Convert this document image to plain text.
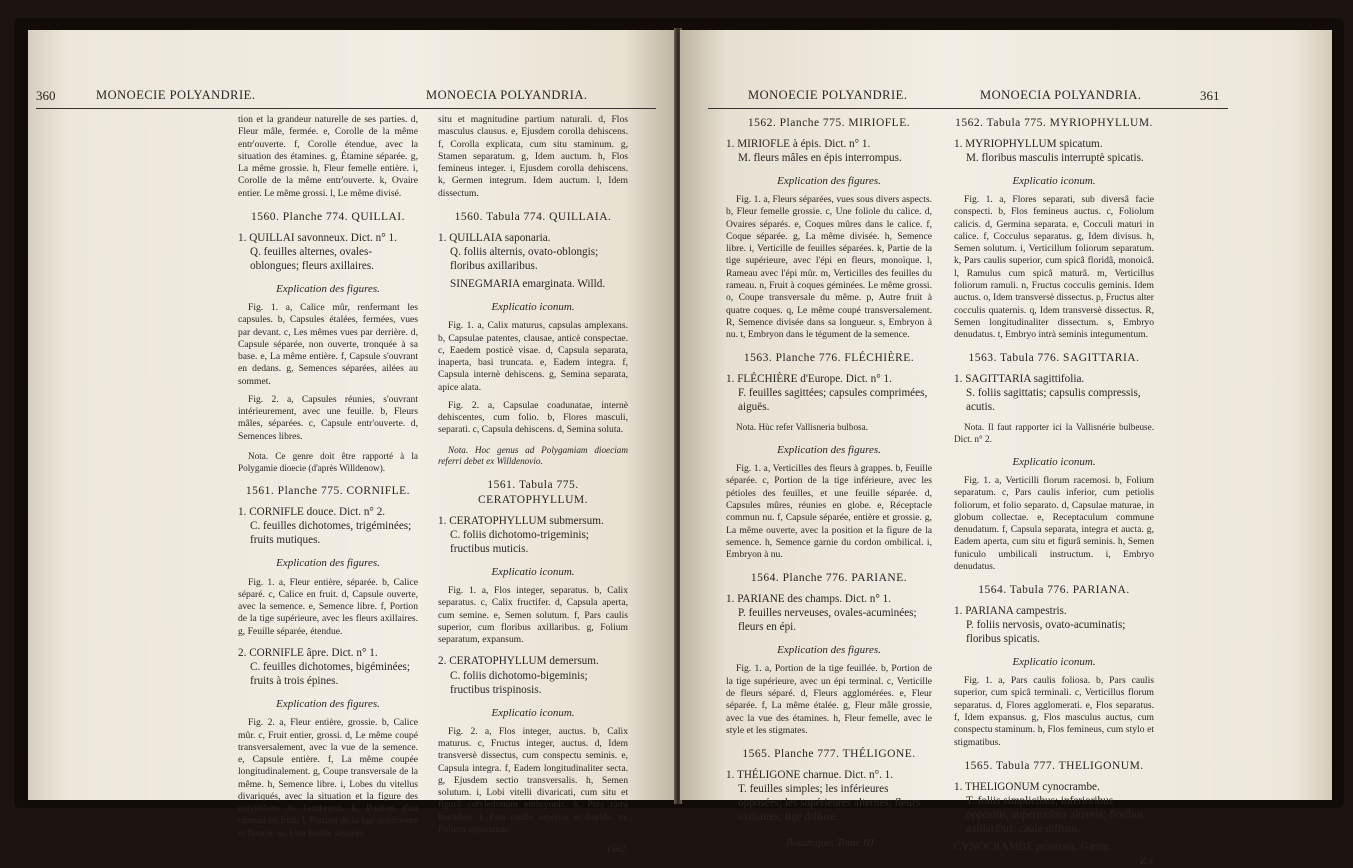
360	MONOECIE POLYANDRIE.	MONOECIA POLYANDRIA.

tion et la grandeur naturelle de ses parties. d, Fleur mâle, fermée. e, Corolle de la même entr'ouverte. f, Corolle étendue, avec la situation des étamines. g, Étamine séparée. g, La même grossie. h, Fleur femelle entière. i, Corolle de la même entr'ouverte. k, Ovaire entier. Le même grossi. l, Le même divisé.

1560. Planche 774. QUILLAI.
1. QUILLAI savonneux. Dict. n° 1.
Q. feuilles alternes, ovales-oblongues; fleurs axillaires.
Explication des figures.

Fig. 1. a, Calice mûr, renfermant les capsules. b, Capsules étalées, fermées, vues par devant. c, Les mêmes vues par derrière. d, Capsule séparée, non ouverte, tronquée à sa base. e, La même entière. f, Capsule s'ouvrant en dedans. g, Semences séparées, ailées au sommet.

Fig. 2. a, Capsules réunies, s'ouvrant intérieurement, avec une feuille. b, Fleurs mâles, séparées. c, Capsule entr'ouverte. d, Semences libres.

Nota. Ce genre doit être rapporté à la Polygamie dioecie (d'après Willdenow).

1561. Planche 775. CORNIFLE.
1. CORNIFLE douce. Dict. n° 2.
C. feuilles dichotomes, trigéminées; fruits mutiques.
Explication des figures.

Fig. 1. a, Fleur entière, séparée. b, Calice séparé. c, Calice en fruit. d, Capsule ouverte, avec la semence. e, Semence libre. f, Portion de la tige supérieure, avec les fleurs axillaires. g, Feuille séparée, étendue.

2. CORNIFLE âpre. Dict. n° 1.
C. feuilles dichotomes, bigéminées; fruits à trois épines.
Explication des figures.

Fig. 2. a, Fleur entière, grossie. b, Calice mûr. c, Fruit entier, grossi. d, Le même coupé transversalement, avec la vue de la semence. e, Capsule entière. f, La même coupée longitudinalement. g, Coupe transversale de la même. h, Semence libre. i, Lobes du vitellus divariqués, avec la situation et la figure des cotylédons de l'embryon. k, Portion d'un rameau en fruit. l, Portion de la tige supérieure et fleurie. m, Une feuille séparée.

situ et magnitudine partium naturali. d, Flos masculus clausus. e, Ejusdem corolla dehiscens. f, Corolla explicata, cum situ staminum. g, Stamen separatum. g, Idem auctum. h, Flos femineus integer. i, Ejusdem corolla dehiscens. k, Germen integrum. Idem auctum. l, Idem dissectum.

1560. Tabula 774. QUILLAIA.
1. QUILLAIA saponaria.
Q. foliis alternis, ovato-oblongis; floribus axillaribus.
SINEGMARIA emarginata. Willd.
Explicatio iconum.

Fig. 1. a, Calix maturus, capsulas amplexans. b, Capsulae patentes, clausae, anticè conspectae. c, Eaedem posticè visae. d, Capsula separata, inaperta, basi truncata. e, Eadem integra. f, Capsula internè dehiscens. g, Semina separata, apice alata.

Fig. 2. a, Capsulae coadunatae, internè dehiscentes, cum folio. b, Flores masculi, separati. c, Capsula dehiscens. d, Semina soluta.

Nota. Hoc genus ad Polygamiam dioeciam referri debet ex Willdenovio.

1561. Tabula 775. CERATOPHYLLUM.
1. CERATOPHYLLUM submersum.
C. foliis dichotomo-trigeminis; fructibus muticis.
Explicatio iconum.

Fig. 1. a, Flos integer, separatus. b, Calix separatus. c, Calix fructifer. d, Capsula aperta, cum semine. e, Semen solutum. f, Pars caulis superior, cum floribus axillaribus. g, Folium separatum, expansum.

2. CERATOPHYLLUM demersum.
C. foliis dichotomo-bigeminis; fructibus trispinosis.
Explicatio iconum.

Fig. 2. a, Flos integer, auctus. b, Calix maturus. c, Fructus integer, auctus. d, Idem transversè dissectus, cum conspectu seminis. e, Capsula integra. f, Eadem longitudinaliter secta. g, Ejusdem sectio transversalis. h, Semen solutum. i, Lobi vitelli divaricati, cum situ et figurâ cotyledonum embryonis. k, Pars rami fructiferi. l, Pars caulis superior et florida. m, Folium separatum.

1562.
MONOECIE POLYANDRIE.	MONOECIA POLYANDRIA.	361
1562. Planche 775. MIRIOFLE.
1. MIRIOFLE à épis. Dict. n° 1.
M. fleurs mâles en épis interrompus.
Explication des figures.

Fig. 1. a, Fleurs séparées, vues sous divers aspects. b, Fleur femelle grossie. c, Une foliole du calice. d, Ovaires séparés. e, Coques mûres dans le calice. f, Coque séparée. g, La même divisée. h, Semence libre. i, Verticille de feuilles séparées. k, Partie de la tige supérieure, avec l'épi en fleurs, monoïque. l, Rameau avec l'épi mûr. m, Verticilles des feuilles du rameau. n, Fruit à coques géminées. Le même grossi. o, Coupe transversale du même. p, Autre fruit à quatre coques. q, Le même coupé transversalement. R, Semence divisée dans sa longueur. s, Embryon à nu. t, Embryon dans le tégument de la semence.

1563. Planche 776. FLÉCHIÈRE.
1. FLÉCHIÈRE d'Europe. Dict. n° 1.
F. feuilles sagittées; capsules comprimées, aiguës.

Nota. Hùc refer Vallisneria bulbosa.

Explication des figures.

Fig. 1. a, Verticilles des fleurs à grappes. b, Feuille séparée. c, Portion de la tige inférieure, avec les pétioles des feuilles, et une feuille séparée. d, Capsules mûres, réunies en globe. e, Réceptacle commun nu. f, Capsule séparée, entière et grossie. g, La même ouverte, avec la position et la figure de la semence. h, Semence garnie du cordon ombilical. i, Embryon à nu.

1564. Planche 776. PARIANE.
1. PARIANE des champs. Dict. n° 1.
P. feuilles nerveuses, ovales-acuminées; fleurs en épi.
Explication des figures.

Fig. 1. a, Portion de la tige feuillée. b, Portion de la tige supérieure, avec un épi terminal. c, Verticille de fleurs séparé. d, Fleurs agglomérées. e, Fleur séparée. f, La même étalée. g, Fleur mâle grossie, avec la vue des étamines. h, Fleur femelle, avec le style et les stigmates.

1565. Planche 777. THÉLIGONE.
1. THÉLIGONE charnue. Dict. n°. 1.
T. feuilles simples; les inférieures opposées; les supérieures alternes; fleurs axillaires; tige diffuse.
Botanique. Tome III.
1562. Tabula 775. MYRIOPHYLLUM.
1. MYRIOPHYLLUM spicatum.
M. floribus masculis interruptè spicatis.
Explicatio iconum.

Fig. 1. a, Flores separati, sub diversâ facie conspecti. b, Flos femineus auctus. c, Foliolum calicis. d, Germina separata. e, Cocculi maturi in calice. f, Cocculus separatus. g, Idem divisus. h, Semen solutum. i, Verticillum foliorum separatum. k, Pars caulis superior, cum spicâ floridâ, monoicâ. l, Ramulus cum spicâ maturâ. m, Verticillus foliorum ramuli. n, Fructus cocculis geminis. Idem auctus. o, Idem transversè dissectus. p, Fructus alter cocculis quaternis. q, Idem transversè dissectus. R, Semen longitudinaliter dissectum. s, Embryo denudatus. t, Embryo intrà seminis integumentum.

1563. Tabula 776. SAGITTARIA.
1. SAGITTARIA sagittifolia.
S. foliis sagittatis; capsulis compressis, acutis.

Nota. Il faut rapporter ici la Vallisnérie bulbeuse. Dict. n° 2.

Explicatio iconum.

Fig. 1. a, Verticilli florum racemosi. b, Folium separatum. c, Pars caulis inferior, cum petiolis foliorum, et folio separato. d, Capsulae maturae, in globum collectae. e, Receptaculum commune denudatum. f, Capsula separata, integra et aucta. g, Eadem aperta, cum situ et figurâ seminis. h, Semen funiculo umbilicali instructum. i, Embryo denudatus.

1564. Tabula 776. PARIANA.
1. PARIANA campestris.
P. foliis nervosis, ovato-acuminatis; floribus spicatis.
Explicatio iconum.

Fig. 1. a, Pars caulis foliosa. b, Pars caulis superior, cum spicâ terminali. c, Verticillus florum separatus. d, Flores agglomerati. e, Flos separatus. f, Idem expansus. g, Flos masculus auctus, cum conspectu staminum. h, Flos femineus, cum stylo et stigmatibus.

1565. Tabula 777. THELIGONUM.
1. THELIGONUM cynocrambe.
T. foliis simplicibus; inferioribus oppositis, superioribus alternis; floribus axillaribus; caule diffuso.
CYNOCRAMBE prostrata. Gærtn.
Z z
